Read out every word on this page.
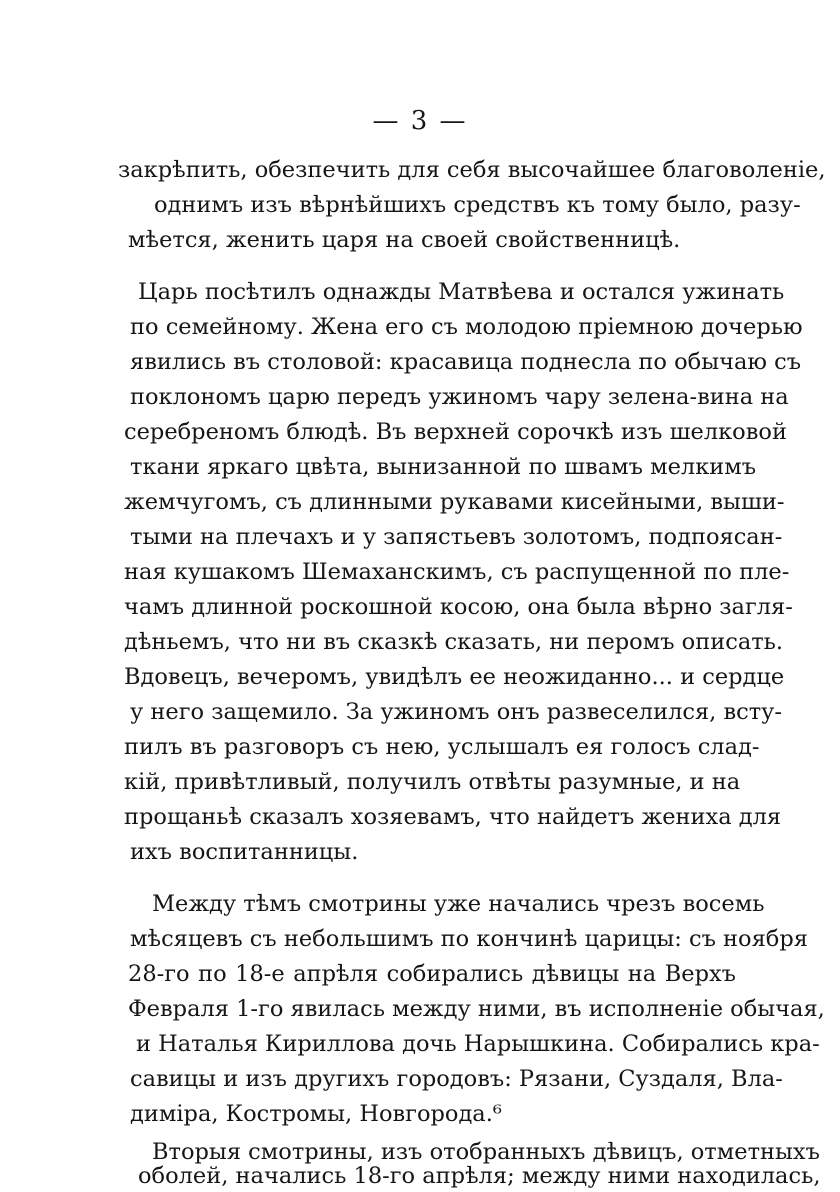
— 3 —
закрѣпить, обезпечить для себя высочайшее благоволеніе,
однимъ изъ вѣрнѣйшихъ средствъ къ тому было, разу-
мѣется, женить царя на своей свойственницѣ.
Царь посѣтилъ однажды Матвѣева и остался ужинать
по семейному. Жена его съ молодою пріемною дочерью
явились въ столовой: красавица поднесла по обычаю съ
поклономъ царю передъ ужиномъ чару зелена-вина на
серебреномъ блюдѣ. Въ верхней сорочкѣ изъ шелковой
ткани яркаго цвѣта, вынизанной по швамъ мелкимъ
жемчугомъ, съ длинными рукавами кисейными, выши-
тыми на плечахъ и у запястьевъ золотомъ, подпоясан-
ная кушакомъ Шемаханскимъ, съ распущенной по пле-
чамъ длинной роскошной косою, она была вѣрно загля-
дѣньемъ, что ни въ сказкѣ сказать, ни перомъ описать.
Вдовецъ, вечеромъ, увидѣлъ ее неожиданно... и сердце
у него защемило. За ужиномъ онъ развеселился, всту-
пилъ въ разговоръ съ нею, услышалъ ея голосъ слад-
кій, привѣтливый, получилъ отвѣты разумные, и на
прощаньѣ сказалъ хозяевамъ, что найдетъ жениха для
ихъ воспитанницы.
Между тѣмъ смотрины уже начались чрезъ восемь
мѣсяцевъ съ небольшимъ по кончинѣ царицы: съ ноября
28-го по 18-е апрѣля собирались дѣвицы на Верхъ
Февраля 1-го явилась между ними, въ исполненіе обычая,
и Наталья Кириллова дочь Нарышкина. Собирались кра-
савицы и изъ другихъ городовъ: Рязани, Суздаля, Вла-
диміра, Костромы, Новгорода.⁶
Вторыя смотрины, изъ отобранныхъ дѣвицъ, отметныхъ
оболей, начались 18-го апрѣля; между ними находилась,
